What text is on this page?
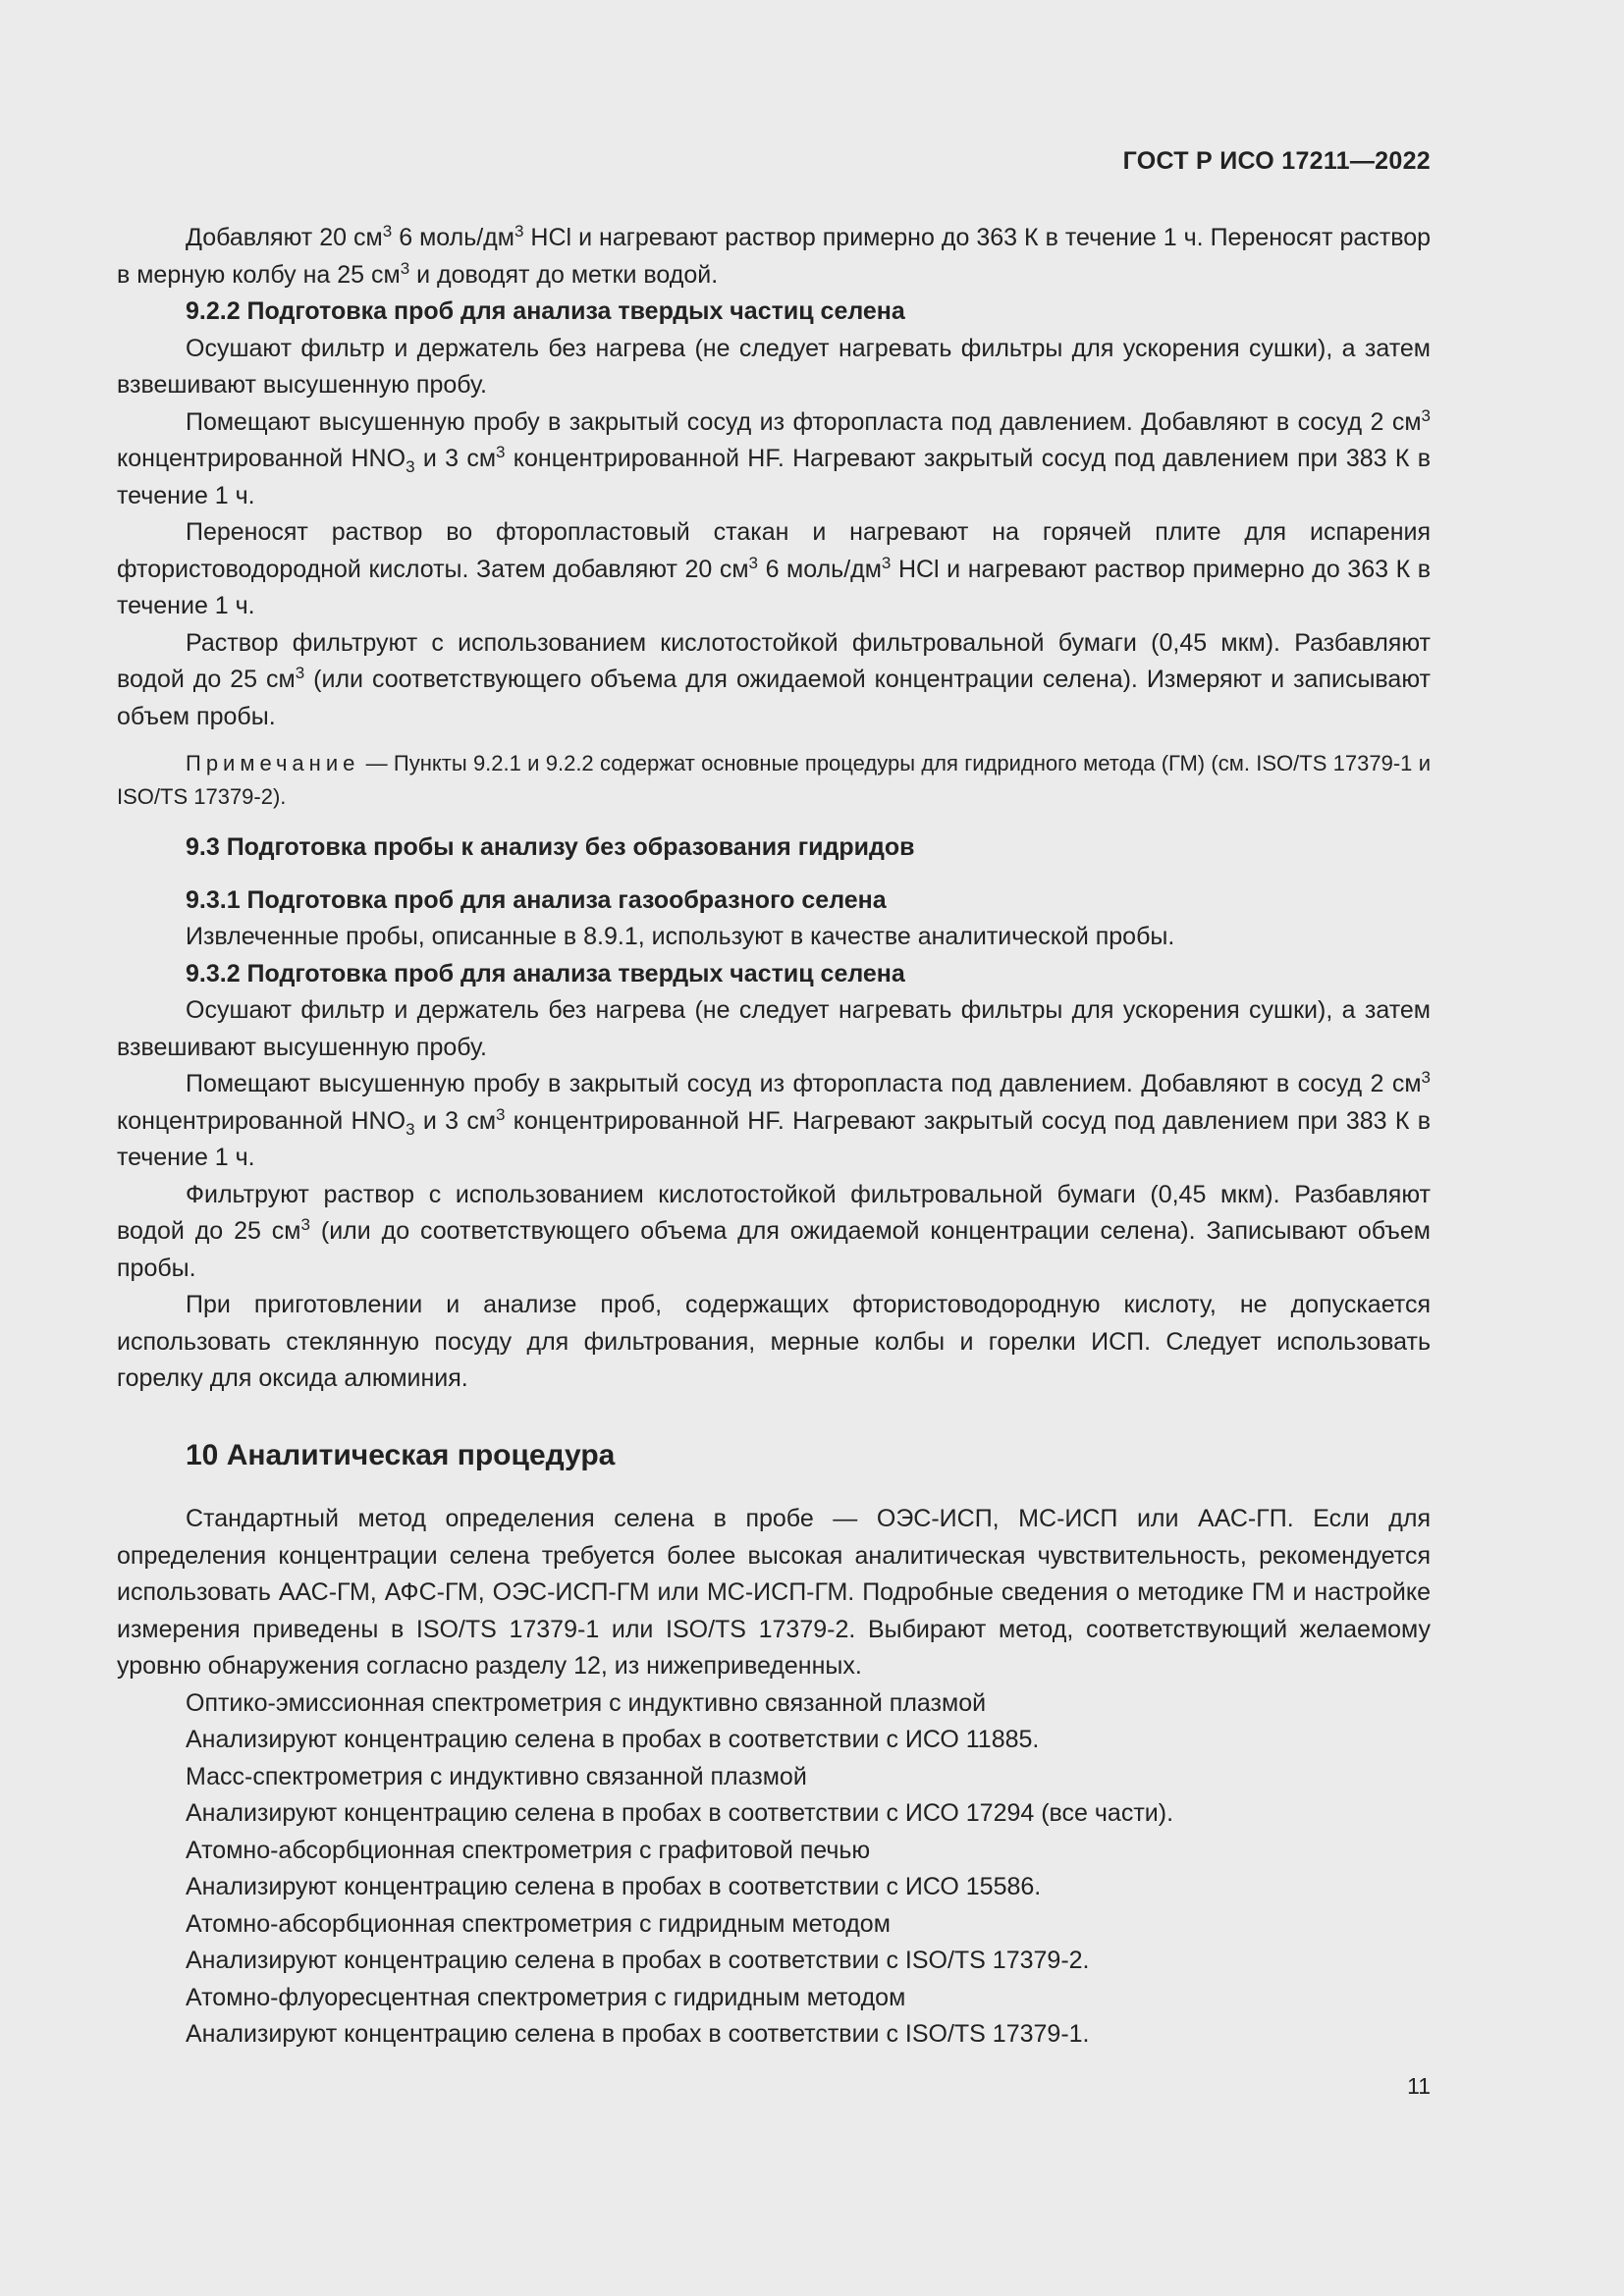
ГОСТ Р ИСО 17211—2022

Добавляют 20 $см^3$ 6 моль/$дм^3$ HCl и нагревают раствор примерно до 363 К в течение 1 ч. Переносят раствор в мерную колбу на 25 $см^3$ и доводят до метки водой.

9.2.2 Подготовка проб для анализа твердых частиц селена

Осушают фильтр и держатель без нагрева (не следует нагревать фильтры для ускорения сушки), а затем взвешивают высушенную пробу.

Помещают высушенную пробу в закрытый сосуд из фторопласта под давлением. Добавляют в сосуд 2 $см^3$ концентрированной $HNO_3$ и 3 $см^3$ концентрированной HF. Нагревают закрытый сосуд под давлением при 383 К в течение 1 ч.

Переносят раствор во фторопластовый стакан и нагревают на горячей плите для испарения фтористоводородной кислоты. Затем добавляют 20 $см^3$ 6 моль/$дм^3$ HCl и нагревают раствор примерно до 363 К в течение 1 ч.

Раствор фильтруют с использованием кислотостойкой фильтровальной бумаги (0,45 мкм). Разбавляют водой до 25 $см^3$ (или соответствующего объема для ожидаемой концентрации селена). Измеряют и записывают объем пробы.

Примечание — Пункты 9.2.1 и 9.2.2 содержат основные процедуры для гидридного метода (ГМ) (см. ISO/TS 17379-1 и ISO/TS 17379-2).

9.3 Подготовка пробы к анализу без образования гидридов

9.3.1 Подготовка проб для анализа газообразного селена

Извлеченные пробы, описанные в 8.9.1, используют в качестве аналитической пробы.

9.3.2 Подготовка проб для анализа твердых частиц селена

Осушают фильтр и держатель без нагрева (не следует нагревать фильтры для ускорения сушки), а затем взвешивают высушенную пробу.

Помещают высушенную пробу в закрытый сосуд из фторопласта под давлением. Добавляют в сосуд 2 $см^3$ концентрированной $HNO_3$ и 3 $см^3$ концентрированной HF. Нагревают закрытый сосуд под давлением при 383 К в течение 1 ч.

Фильтруют раствор с использованием кислотостойкой фильтровальной бумаги (0,45 мкм). Разбавляют водой до 25 $см^3$ (или до соответствующего объема для ожидаемой концентрации селена). Записывают объем пробы.

При приготовлении и анализе проб, содержащих фтористоводородную кислоту, не допускается использовать стеклянную посуду для фильтрования, мерные колбы и горелки ИСП. Следует использовать горелку для оксида алюминия.

10 Аналитическая процедура

Стандартный метод определения селена в пробе — ОЭС-ИСП, МС-ИСП или ААС-ГП. Если для определения концентрации селена требуется более высокая аналитическая чувствительность, рекомендуется использовать ААС-ГМ, АФС-ГМ, ОЭС-ИСП-ГМ или МС-ИСП-ГМ. Подробные сведения о методике ГМ и настройке измерения приведены в ISO/TS 17379-1 или ISO/TS 17379-2. Выбирают метод, соответствующий желаемому уровню обнаружения согласно разделу 12, из нижеприведенных.

Оптико-эмиссионная спектрометрия с индуктивно связанной плазмой

Анализируют концентрацию селена в пробах в соответствии с ИСО 11885.

Масс-спектрометрия с индуктивно связанной плазмой

Анализируют концентрацию селена в пробах в соответствии с ИСО 17294 (все части).

Атомно-абсорбционная спектрометрия с графитовой печью

Анализируют концентрацию селена в пробах в соответствии с ИСО 15586.

Атомно-абсорбционная спектрометрия с гидридным методом

Анализируют концентрацию селена в пробах в соответствии с ISO/TS 17379-2.

Атомно-флуоресцентная спектрометрия с гидридным методом

Анализируют концентрацию селена в пробах в соответствии с ISO/TS 17379-1.

11
